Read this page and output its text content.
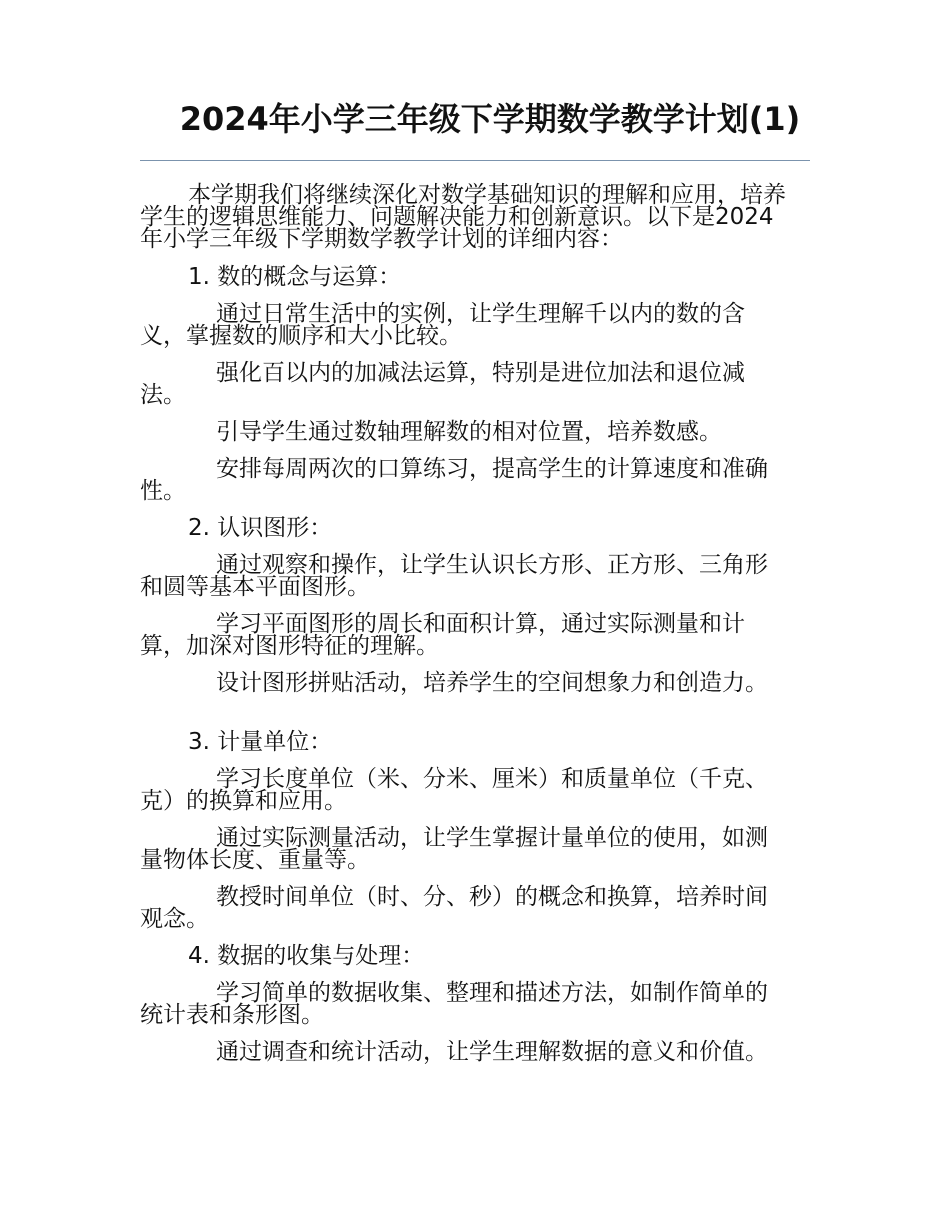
2024年小学三年级下学期数学教学计划(1)
本学期我们将继续深化对数学基础知识的理解和应用，培养学生的逻辑思维能力、问题解决能力和创新意识。以下是2024年小学三年级下学期数学教学计划的详细内容：
1. 数的概念与运算：
通过日常生活中的实例，让学生理解千以内的数的含义，掌握数的顺序和大小比较。
强化百以内的加减法运算，特别是进位加法和退位减法。
引导学生通过数轴理解数的相对位置，培养数感。
安排每周两次的口算练习，提高学生的计算速度和准确性。
2. 认识图形：
通过观察和操作，让学生认识长方形、正方形、三角形和圆等基本平面图形。
学习平面图形的周长和面积计算，通过实际测量和计算，加深对图形特征的理解。
设计图形拼贴活动，培养学生的空间想象力和创造力。
3. 计量单位：
学习长度单位（米、分米、厘米）和质量单位（千克、克）的换算和应用。
通过实际测量活动，让学生掌握计量单位的使用，如测量物体长度、重量等。
教授时间单位（时、分、秒）的概念和换算，培养时间观念。
4. 数据的收集与处理：
学习简单的数据收集、整理和描述方法，如制作简单的统计表和条形图。
通过调查和统计活动，让学生理解数据的意义和价值。
